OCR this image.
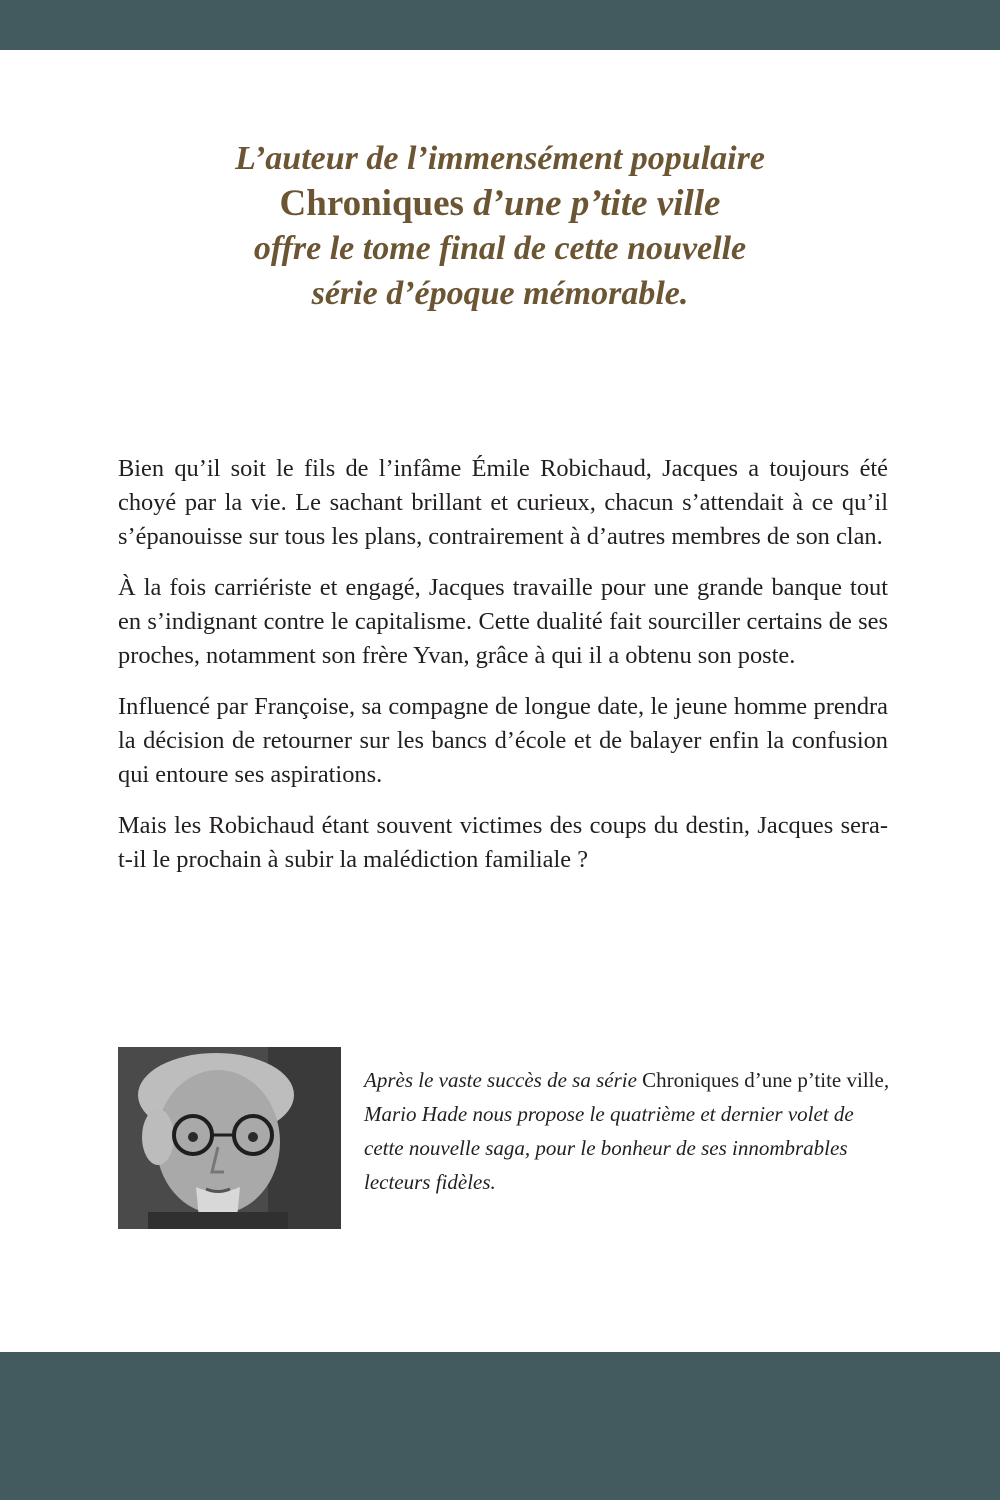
L’auteur de l’immensément populaire
Chroniques d’une p’tite ville
offre le tome final de cette nouvelle
série d’époque mémorable.

Bien qu’il soit le fils de l’infâme Émile Robichaud, Jacques a toujours été choyé par la vie. Le sachant brillant et curieux, chacun s’attendait à ce qu’il s’épanouisse sur tous les plans, contrairement à d’autres membres de son clan.

À la fois carriériste et engagé, Jacques travaille pour une grande banque tout en s’indignant contre le capitalisme. Cette dualité fait sourciller certains de ses proches, notamment son frère Yvan, grâce à qui il a obtenu son poste.

Influencé par Françoise, sa compagne de longue date, le jeune homme prendra la décision de retourner sur les bancs d’école et de balayer enfin la confusion qui entoure ses aspirations.

Mais les Robichaud étant souvent victimes des coups du destin, Jacques sera-t-il le prochain à subir la malédiction familiale ?

Après le vaste succès de sa série Chroniques d’une p’tite ville, Mario Hade nous propose le quatrième et dernier volet de cette nouvelle saga, pour le bonheur de ses innombrables lecteurs fidèles.
